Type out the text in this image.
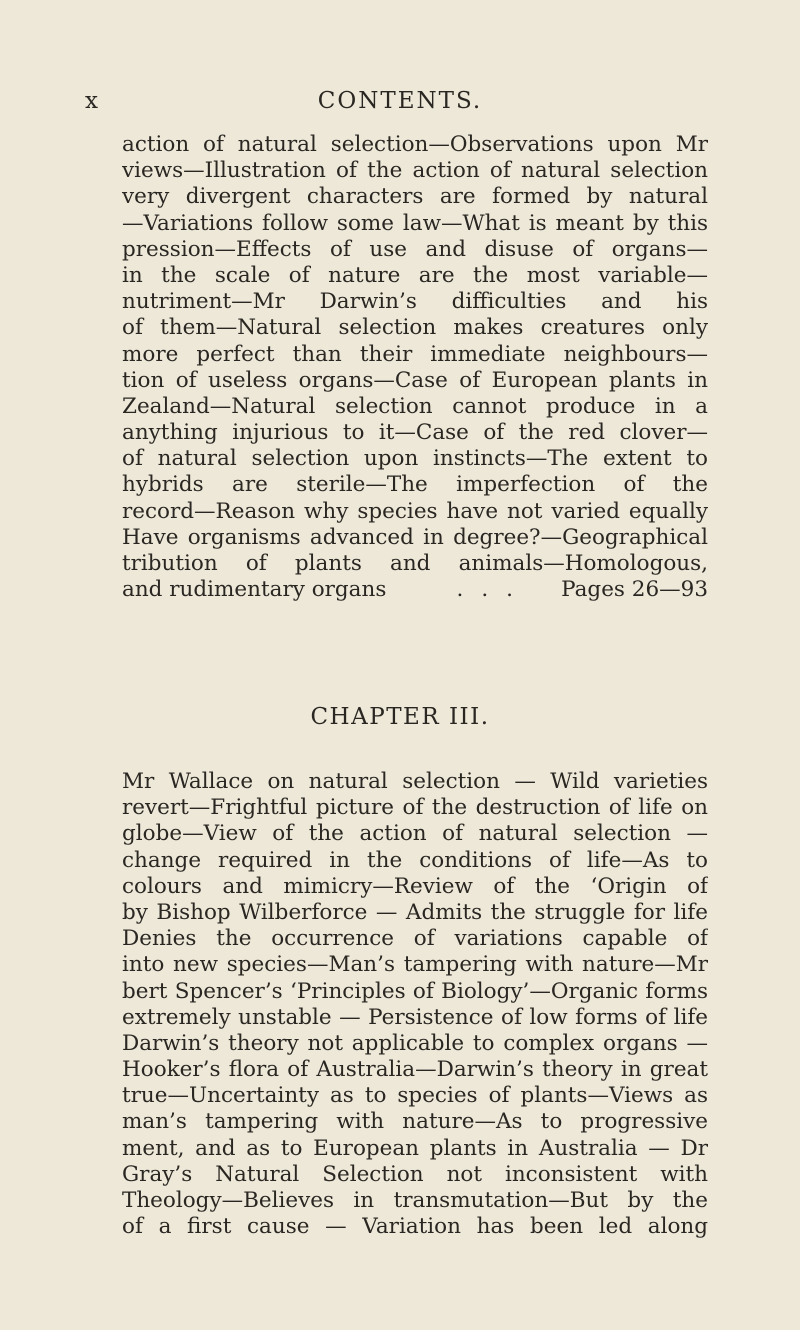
x	CONTENTS.
action of natural selection—Observations upon Mr
views—Illustration of the action of natural selection
very divergent characters are formed by natural
—Variations follow some law—What is meant by this
pression—Effects of use and disuse of organs—
in the scale of nature are the most variable—
nutriment—Mr Darwin’s difficulties and his
of them—Natural selection makes creatures only
more perfect than their immediate neighbours—
tion of useless organs—Case of European plants in
Zealand—Natural selection cannot produce in a
anything injurious to it—Case of the red clover—
of natural selection upon instincts—The extent to
hybrids are sterile—The imperfection of the
record—Reason why species have not varied equally
Have organisms advanced in degree?—Geographical
tribution of plants and animals—Homologous,
and rudimentary organs	...	Pages 26—93
CHAPTER III.
Mr Wallace on natural selection — Wild varieties
revert—Frightful picture of the destruction of life on
globe—View of the action of natural selection —
change required in the conditions of life—As to
colours and mimicry—Review of the ‘Origin of
by Bishop Wilberforce — Admits the struggle for life
Denies the occurrence of variations capable of
into new species—Man’s tampering with nature—Mr
bert Spencer’s ‘Principles of Biology’—Organic forms
extremely unstable — Persistence of low forms of life
Darwin’s theory not applicable to complex organs —
Hooker’s flora of Australia—Darwin’s theory in great
true—Uncertainty as to species of plants—Views as
man’s tampering with nature—As to progressive
ment, and as to European plants in Australia — Dr
Gray’s Natural Selection not inconsistent with
Theology—Believes in transmutation—But by the
of a first cause — Variation has been led along
